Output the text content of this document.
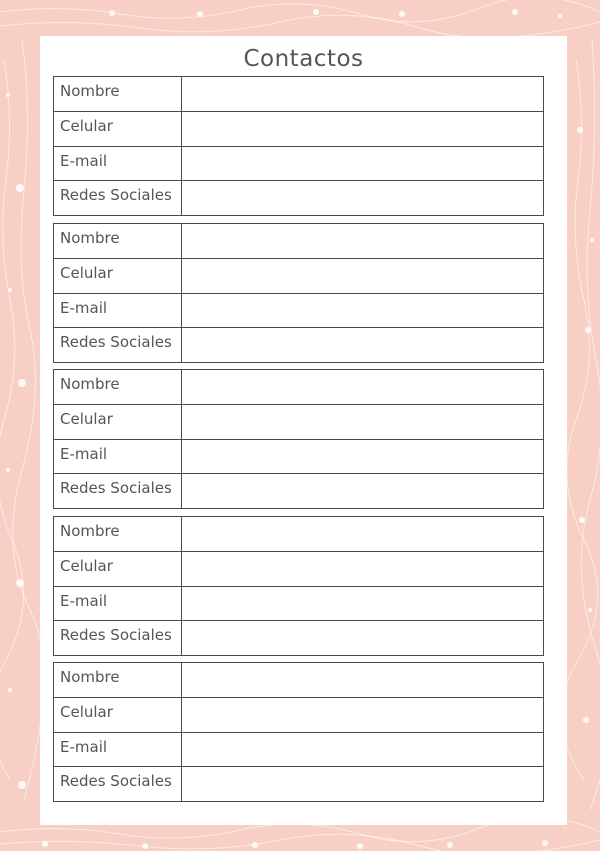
Contactos
Nombre
Celular
E-mail
Redes Sociales
Nombre
Celular
E-mail
Redes Sociales
Nombre
Celular
E-mail
Redes Sociales
Nombre
Celular
E-mail
Redes Sociales
Nombre
Celular
E-mail
Redes Sociales
